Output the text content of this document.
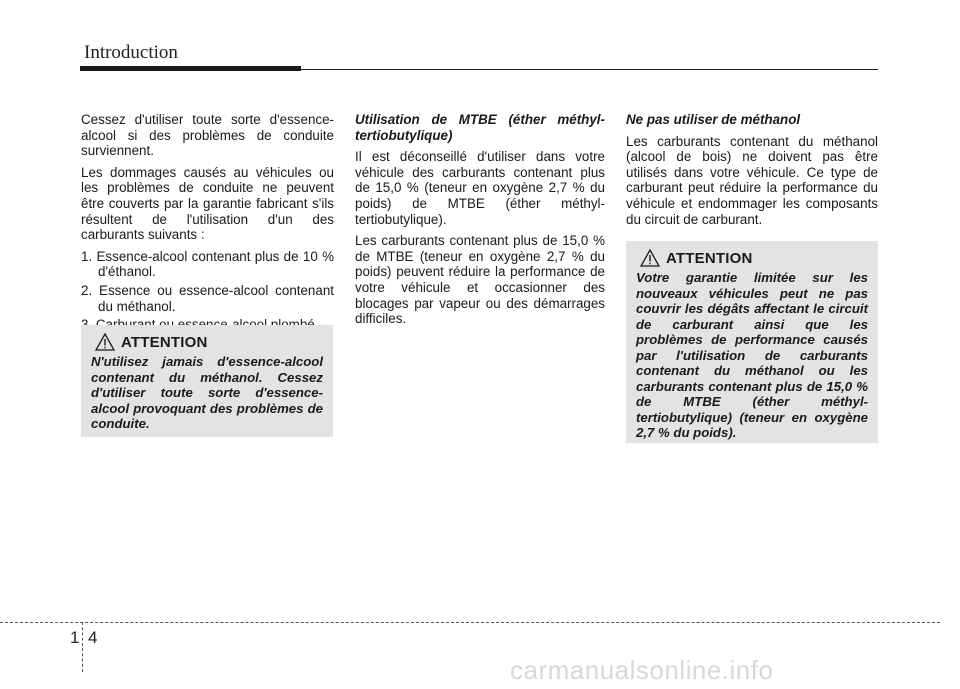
Introduction

Cessez d'utiliser toute sorte d'essence-alcool si des problèmes de conduite surviennent.

Les dommages causés au véhicules ou les problèmes de conduite ne peuvent être couverts par la garantie fabricant s'ils résultent de l'utilisation d'un des carburants suivants :

1. Essence-alcool contenant plus de 10 % d'éthanol.
2. Essence ou essence-alcool contenant du méthanol.
ATTENTION

N'utilisez jamais d'essence-alcool contenant du méthanol. Cessez d'utiliser toute sorte d'essence-alcool provoquant des problèmes de conduite.

Utilisation de MTBE (éther méthyl-tertiobutylique)

Il est déconseillé d'utiliser dans votre véhicule des carburants contenant plus de 15,0 % (teneur en oxygène 2,7 % du poids) de MTBE (éther méthyl-tertiobutylique).

Les carburants contenant plus de 15,0 % de MTBE (teneur en oxygène 2,7 % du poids) peuvent réduire la performance de votre véhicule et occasionner des blocages par vapeur ou des démarrages difficiles.

Ne pas utiliser de méthanol

Les carburants contenant du méthanol (alcool de bois) ne doivent pas être utilisés dans votre véhicule. Ce type de carburant peut réduire la performance du véhicule et endommager les composants du circuit de carburant.

ATTENTION

Votre garantie limitée sur les nouveaux véhicules peut ne pas couvrir les dégâts affectant le circuit de carburant ainsi que les problèmes de performance causés par l'utilisation de carburants contenant du méthanol ou les carburants contenant plus de 15,0 % de MTBE (éther méthyl-tertiobutylique) (teneur en oxygène 2,7 % du poids).

1 4
carmanualsonline.info
